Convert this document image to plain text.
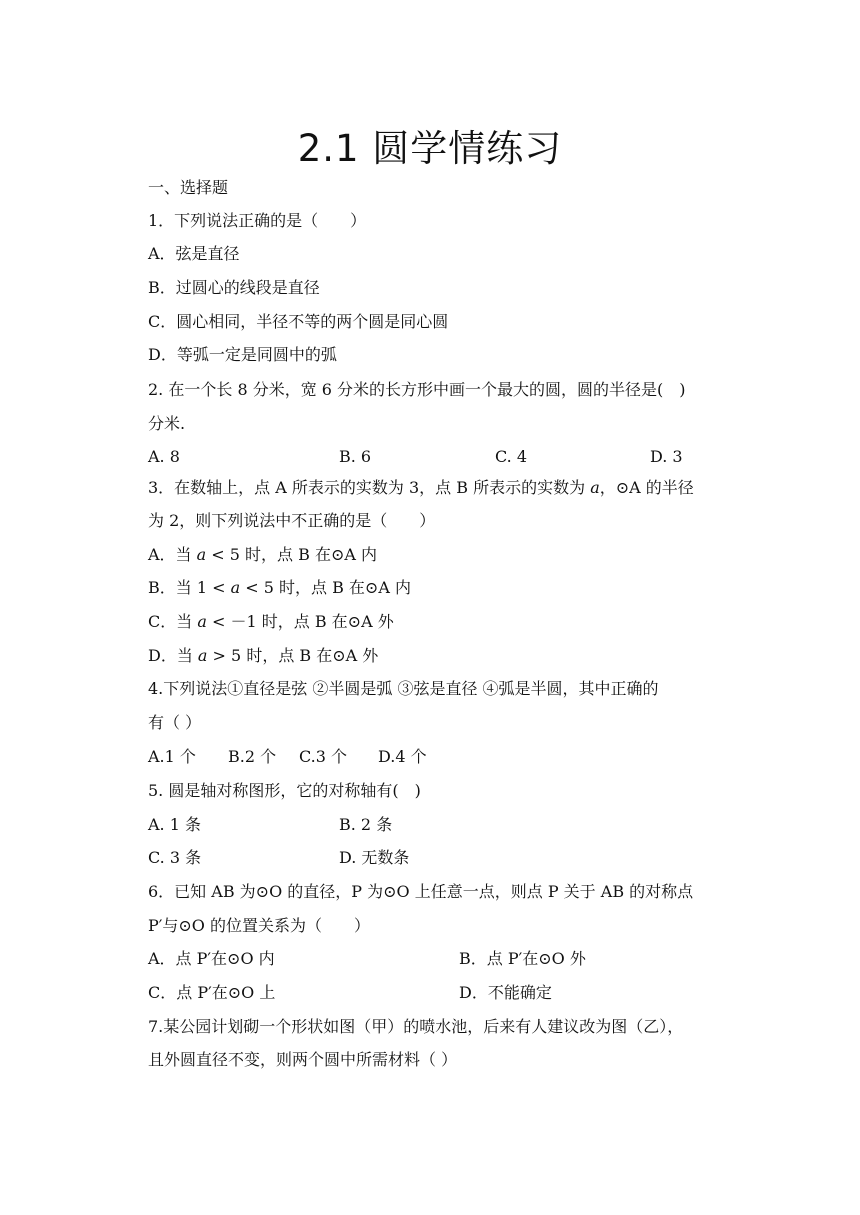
2.1 圆学情练习
一、选择题
1．下列说法正确的是（　　）
A．弦是直径
B．过圆心的线段是直径
C．圆心相同，半径不等的两个圆是同心圆
D．等弧一定是同圆中的弧
2. 在一个长 8 分米，宽 6 分米的长方形中画一个最大的圆，圆的半径是(　)
分米.
A. 8	B. 6	C. 4	D. 3
3．在数轴上，点 A 所表示的实数为 3，点 B 所表示的实数为 a，⊙A 的半径
为 2，则下列说法中不正确的是（　　）
A．当 a < 5 时，点 B 在⊙A 内
B．当 1 < a < 5 时，点 B 在⊙A 内
C．当 a < －1 时，点 B 在⊙A 外
D．当 a > 5 时，点 B 在⊙A 外
4.下列说法①直径是弦 ②半圆是弧 ③弦是直径 ④弧是半圆，其中正确的
有（ ）
A.1 个 B.2 个 C.3 个 D.4 个
5. 圆是轴对称图形，它的对称轴有(　)
A. 1 条	B. 2 条
C. 3 条	D. 无数条
6．已知 AB 为⊙O 的直径，P 为⊙O 上任意一点，则点 P 关于 AB 的对称点
P′与⊙O 的位置关系为（　　）
A．点 P′在⊙O 内	B．点 P′在⊙O 外
C．点 P′在⊙O 上	D．不能确定
7.某公园计划砌一个形状如图（甲）的喷水池，后来有人建议改为图（乙），
且外圆直径不变，则两个圆中所需材料（ ）
